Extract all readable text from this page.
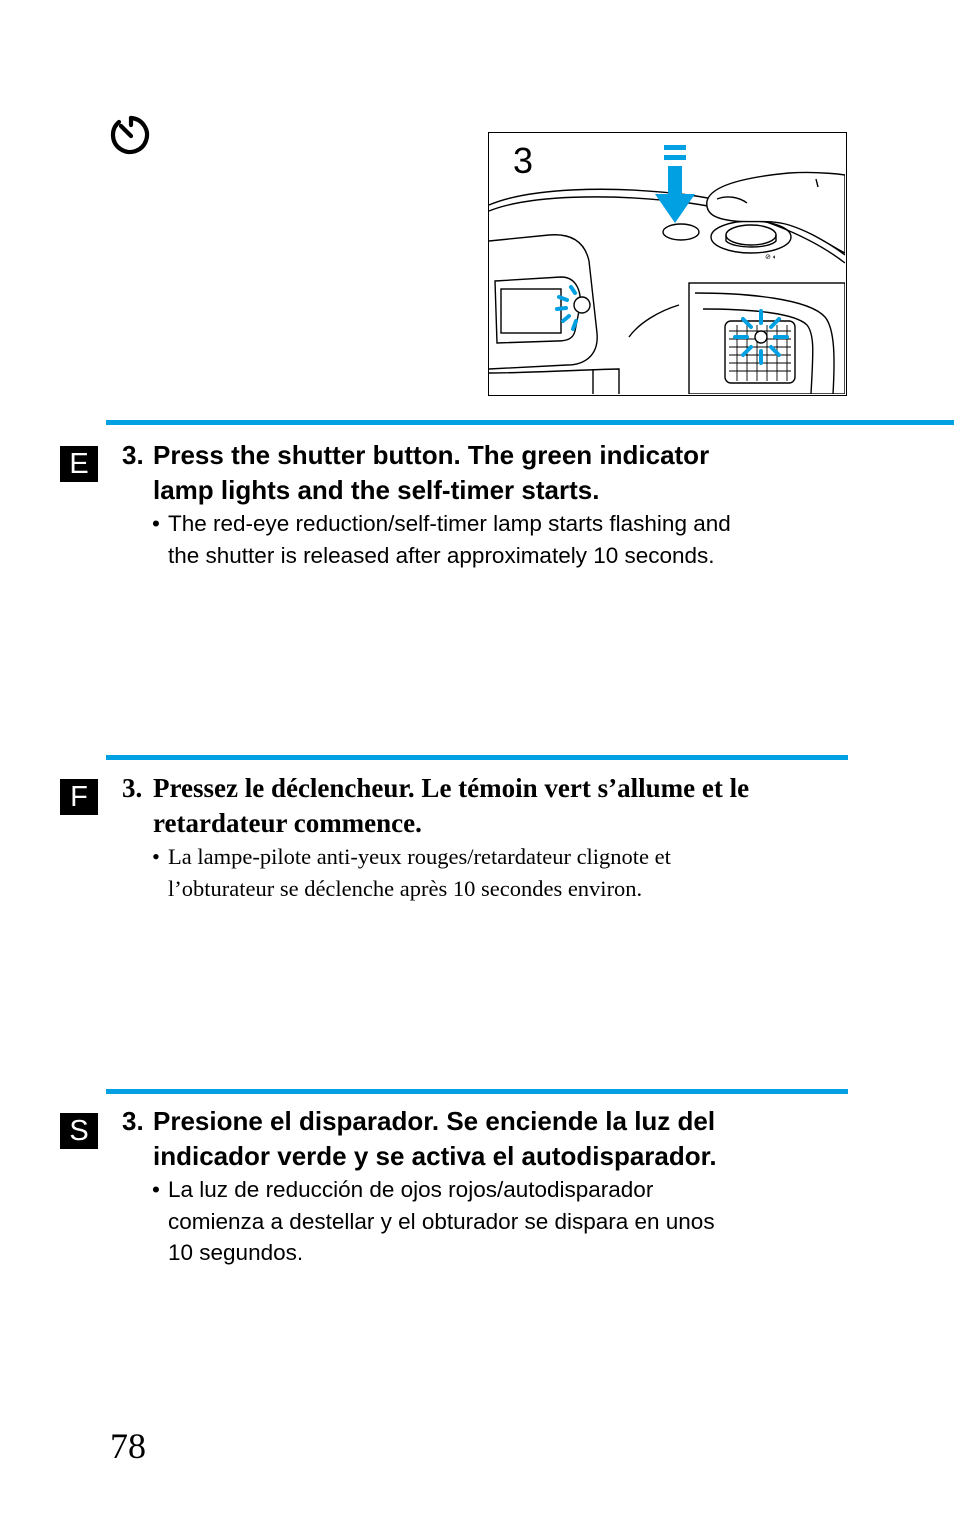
⊘ ◐
3
E	3. Press the shutter button. The green indicator
lamp lights and the self-timer starts.

• The red-eye reduction/self-timer lamp starts flashing and
the shutter is released after approximately 10 seconds.

F	3. Pressez le déclencheur. Le témoin vert s’allume et le
retardateur commence.

• La lampe-pilote anti-yeux rouges/retardateur clignote et
l’obturateur se déclenche après 10 secondes environ.

S	3. Presione el disparador. Se enciende la luz del
indicador verde y se activa el autodisparador.

• La luz de reducción de ojos rojos/autodisparador
comienza a destellar y el obturador se dispara en unos
10 segundos.

78
